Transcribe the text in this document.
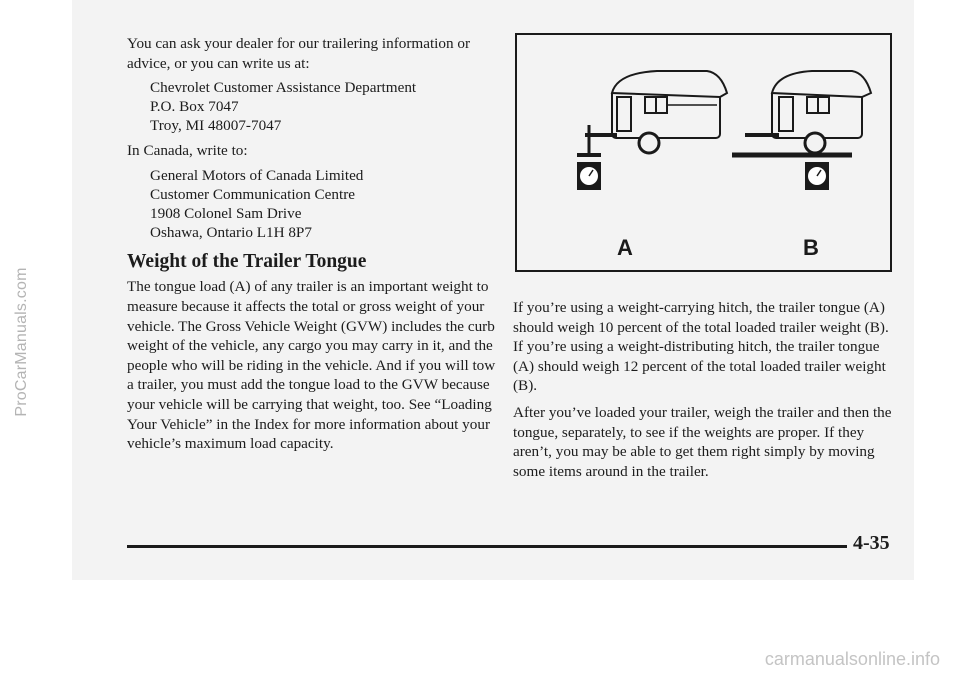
ProCarManuals.com

You can ask your dealer for our trailering information or advice, or you can write us at:

Chevrolet Customer Assistance Department
P.O. Box 7047
Troy, MI 48007-7047

In Canada, write to:

General Motors of Canada Limited
Customer Communication Centre
1908 Colonel Sam Drive
Oshawa, Ontario L1H 8P7
Weight of the Trailer Tongue

The tongue load (A) of any trailer is an important weight to measure because it affects the total or gross weight of your vehicle. The Gross Vehicle Weight (GVW) includes the curb weight of the vehicle, any cargo you may carry in it, and the people who will be riding in the vehicle. And if you will tow a trailer, you must add the tongue load to the GVW because your vehicle will be carrying that weight, too. See “Loading Your Vehicle” in the Index for more information about your vehicle’s maximum load capacity.

A	B

If you’re using a weight-carrying hitch, the trailer tongue (A) should weigh 10 percent of the total loaded trailer weight (B). If you’re using a weight-distributing hitch, the trailer tongue (A) should weigh 12 percent of the total loaded trailer weight (B).

After you’ve loaded your trailer, weigh the trailer and then the tongue, separately, to see if the weights are proper. If they aren’t, you may be able to get them right simply by moving some items around in the trailer.

4-35
carmanualsonline.info
